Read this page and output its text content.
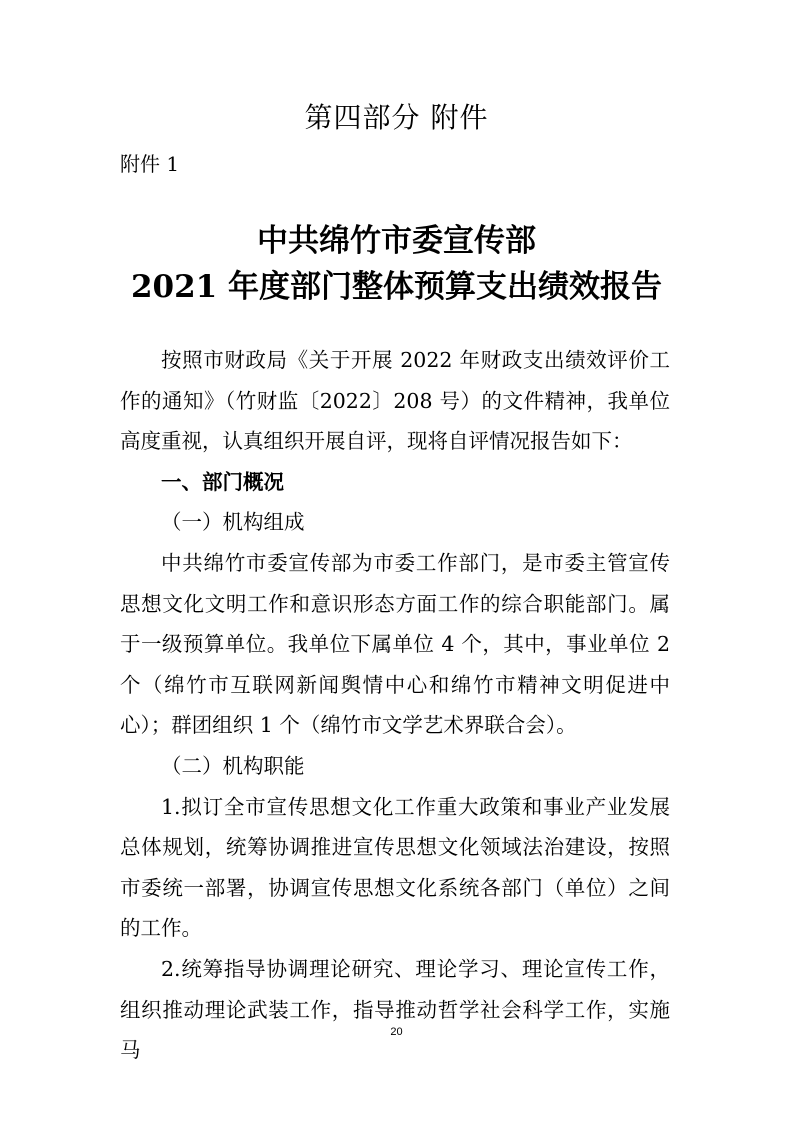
第四部分 附件
附件 1
中共绵竹市委宣传部
2021 年度部门整体预算支出绩效报告

按照市财政局《关于开展 2022 年财政支出绩效评价工作的通知》（竹财监〔2022〕208 号）的文件精神，我单位高度重视，认真组织开展自评，现将自评情况报告如下：

一、部门概况

（一）机构组成

中共绵竹市委宣传部为市委工作部门，是市委主管宣传思想文化文明工作和意识形态方面工作的综合职能部门。属于一级预算单位。我单位下属单位 4 个，其中，事业单位 2 个（绵竹市互联网新闻舆情中心和绵竹市精神文明促进中心）；群团组织 1 个（绵竹市文学艺术界联合会）。

（二）机构职能

1.拟订全市宣传思想文化工作重大政策和事业产业发展总体规划，统筹协调推进宣传思想文化领域法治建设，按照市委统一部署，协调宣传思想文化系统各部门（单位）之间的工作。

2.统筹指导协调理论研究、理论学习、理论宣传工作，组织推动理论武装工作，指导推动哲学社会科学工作，实施马

20
